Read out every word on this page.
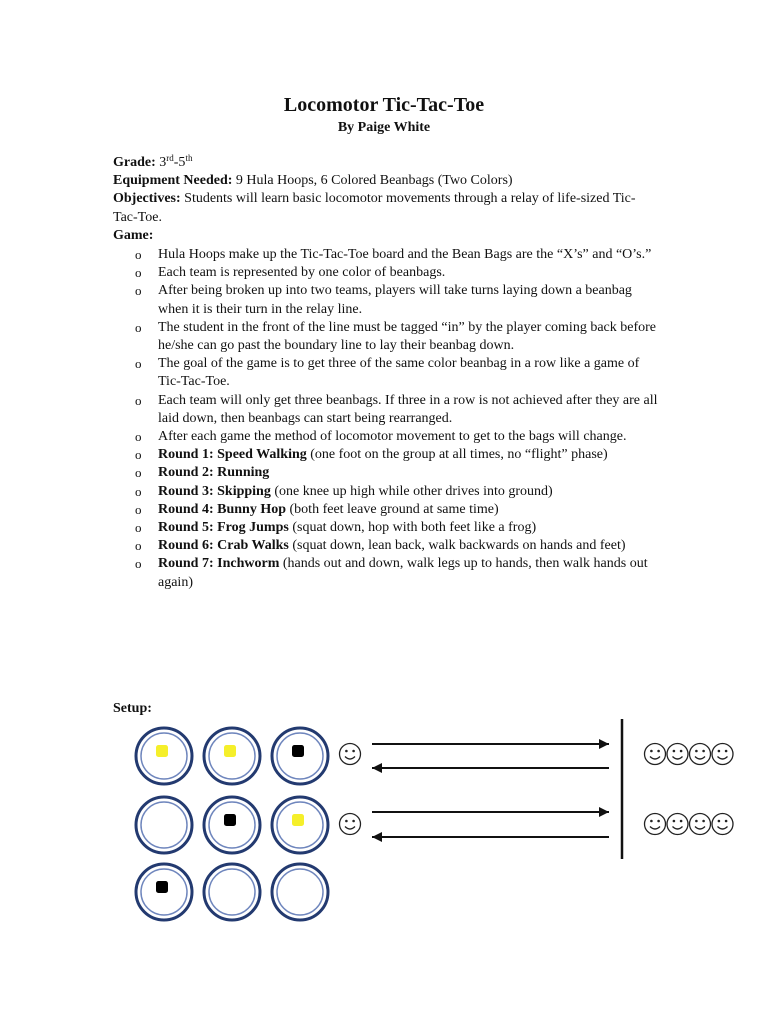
Locomotor Tic-Tac-Toe
By Paige White

Grade: 3rd-5th

Equipment Needed: 9 Hula Hoops, 6 Colored Beanbags (Two Colors)

Objectives: Students will learn basic locomotor movements through a relay of life-sized Tic-Tac-Toe.

Game:

o Hula Hoops make up the Tic-Tac-Toe board and the Bean Bags are the “X’s” and “O’s.”
o Each team is represented by one color of beanbags.
o After being broken up into two teams, players will take turns laying down a beanbag when it is their turn in the relay line.
o The student in the front of the line must be tagged “in” by the player coming back before he/she can go past the boundary line to lay their beanbag down.
o The goal of the game is to get three of the same color beanbag in a row like a game of Tic-Tac-Toe.
o Each team will only get three beanbags. If three in a row is not achieved after they are all laid down, then beanbags can start being rearranged.
o After each game the method of locomotor movement to get to the bags will change.
o Round 1: Speed Walking (one foot on the group at all times, no “flight” phase)
o Round 2: Running
o Round 3: Skipping (one knee up high while other drives into ground)
o Round 4: Bunny Hop (both feet leave ground at same time)
o Round 5: Frog Jumps (squat down, hop with both feet like a frog)
o Round 6: Crab Walks (squat down, lean back, walk backwards on hands and feet)
o Round 7: Inchworm (hands out and down, walk legs up to hands, then walk hands out again)
Setup:
